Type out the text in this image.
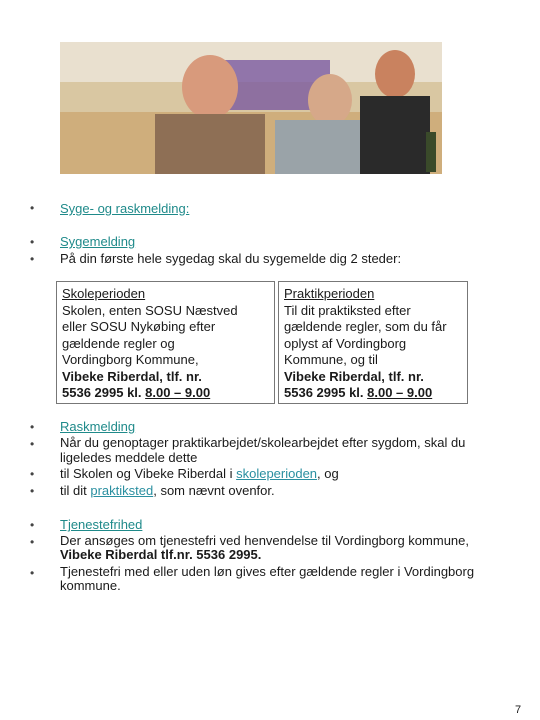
• Syge- og raskmelding:
•
•
Sygemelding
På din første hele sygedag skal du sygemelde dig 2 steder:
Skoleperioden
Skolen, enten SOSU Næstved
eller SOSU Nykøbing efter
gældende regler og
Vordingborg Kommune,
Vibeke Riberdal, tlf. nr.
5536 2995 kl. 8.00 – 9.00
Praktikperioden
Til dit praktiksted efter
gældende regler, som du får
oplyst af Vordingborg
Kommune, og til
Vibeke Riberdal, tlf. nr.
5536 2995 kl. 8.00 – 9.00
•
•
•
•
Raskmelding
Når du genoptager praktikarbejdet/skolearbejdet efter sygdom, skal du
ligeledes meddele dette
til Skolen og Vibeke Riberdal i skoleperioden, og
til dit praktiksted, som nævnt ovenfor.
•
•
•
Tjenestefrihed
Der ansøges om tjenestefri ved henvendelse til Vordingborg kommune,
Vibeke Riberdal tlf.nr. 5536 2995.
Tjenestefri med eller uden løn gives efter gældende regler i Vordingborg
kommune.
7
